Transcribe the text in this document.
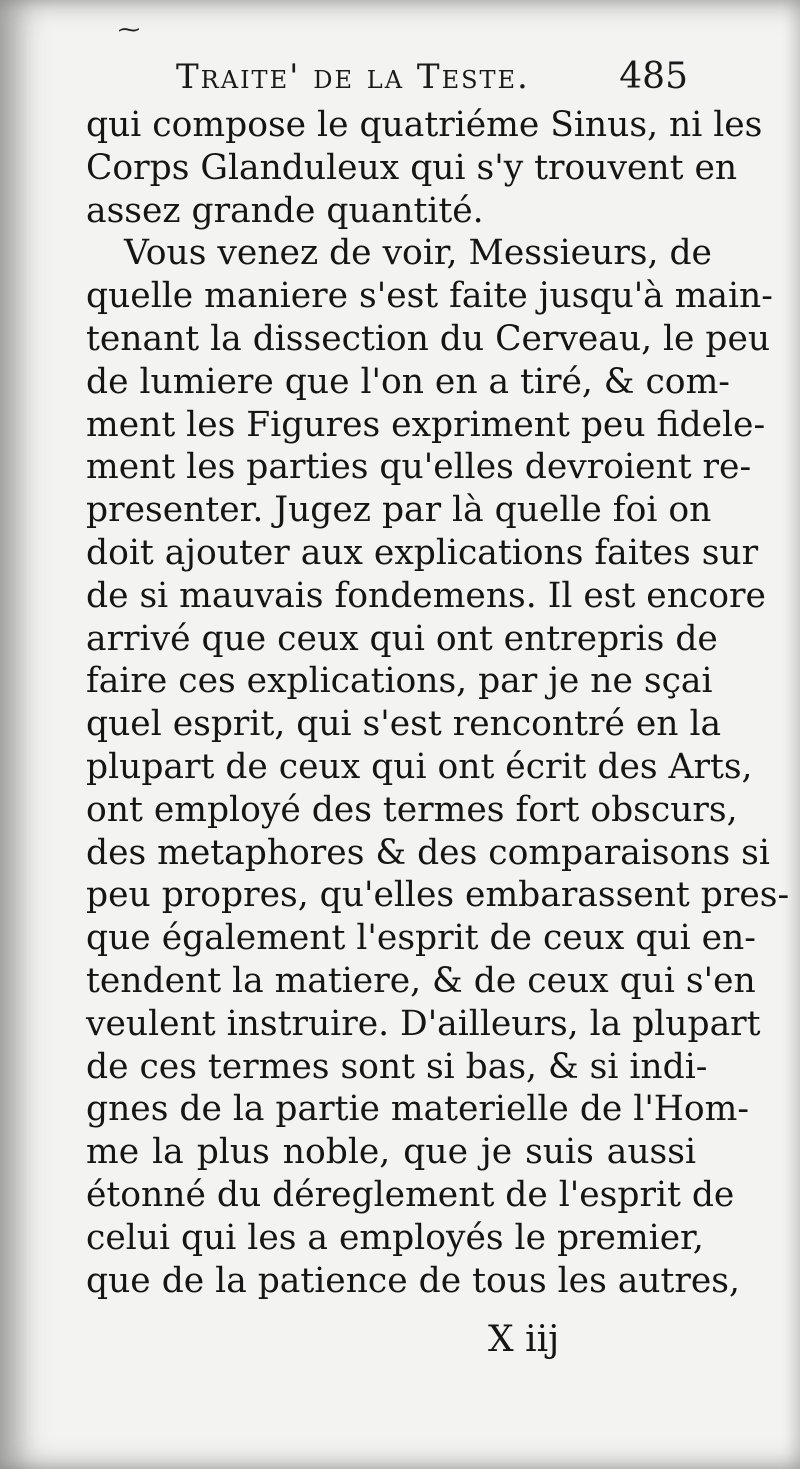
⁓
Traite' de la Teste. 485
qui compose le quatriéme Sinus, ni les
Corps Glanduleux qui s'y trouvent en
assez grande quantité.
Vous venez de voir, Messieurs, de
quelle maniere s'est faite jusqu'à main-
tenant la dissection du Cerveau, le peu
de lumiere que l'on en a tiré, & com-
ment les Figures expriment peu fidele-
ment les parties qu'elles devroient re-
presenter. Jugez par là quelle foi on
doit ajouter aux explications faites sur
de si mauvais fondemens. Il est encore
arrivé que ceux qui ont entrepris de
faire ces explications, par je ne sçai
quel esprit, qui s'est rencontré en la
plupart de ceux qui ont écrit des Arts,
ont employé des termes fort obscurs,
des metaphores & des comparaisons si
peu propres, qu'elles embarassent pres-
que également l'esprit de ceux qui en-
tendent la matiere, & de ceux qui s'en
veulent instruire. D'ailleurs, la plupart
de ces termes sont si bas, & si indi-
gnes de la partie materielle de l'Hom-
me la plus noble, que je suis aussi
étonné du déreglement de l'esprit de
celui qui les a employés le premier,
que de la patience de tous les autres,
X iij
